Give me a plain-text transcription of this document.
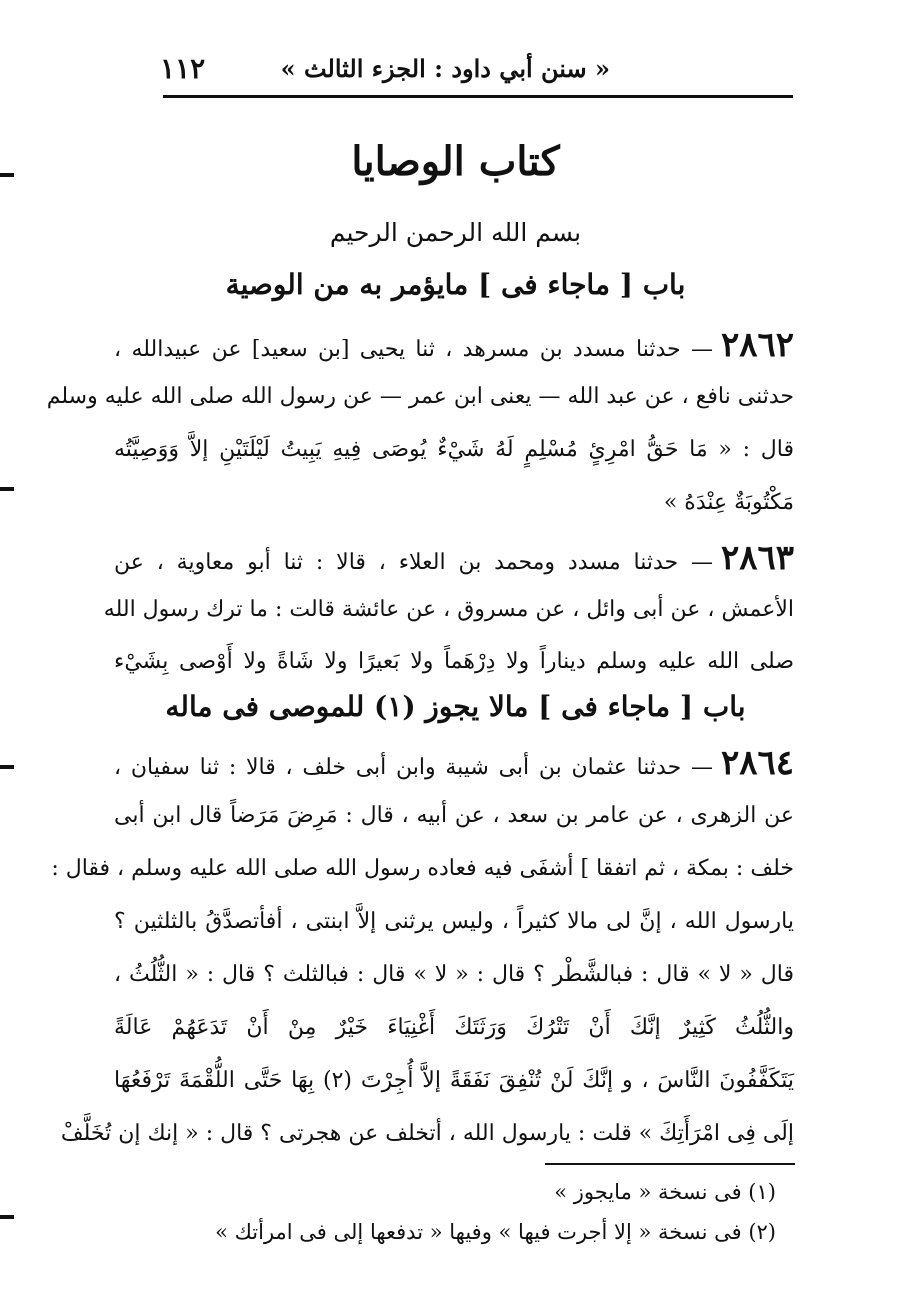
١١٢	« سنن أبي داود : الجزء الثالث »
كتاب الوصايا
بسم الله الرحمن الرحيم
باب [ ماجاء فى ] مايؤمر به من الوصية
٢٨٦٢— حدثنا مسدد بن مسرهد ، ثنا يحيى [بن سعيد] عن عبيدالله ،
حدثنى نافع ، عن عبد الله — يعنى ابن عمر — عن رسول الله صلى الله عليه وسلم
قال : « مَا حَقُّ امْرِئٍ مُسْلِمٍ لَهُ شَيْءٌ يُوصَى فِيهِ يَبِيتُ لَيْلَتَيْنِ إلاَّ وَوَصِيَّتُه
مَكْتُوبَةٌ عِنْدَهُ »
٢٨٦٣— حدثنا مسدد ومحمد بن العلاء ، قالا : ثنا أبو معاوية ، عن
الأعمش ، عن أبى وائل ، عن مسروق ، عن عائشة قالت : ما ترك رسول الله
صلى الله عليه وسلم ديناراً ولا دِرْهَماً ولا بَعيرًا ولا شَاةً ولا أَوْصى بِشَيْء
باب [ ماجاء فى ] مالا يجوز (١) للموصى فى ماله
٢٨٦٤— حدثنا عثمان بن أبى شيبة وابن أبى خلف ، قالا : ثنا سفيان ،
عن الزهرى ، عن عامر بن سعد ، عن أبيه ، قال : مَرِضَ مَرَضاً قال ابن أبى
خلف : بمكة ، ثم اتفقا ] أشفَى فيه فعاده رسول الله صلى الله عليه وسلم ، فقال :
يارسول الله ، إنَّ لى مالا كثيراً ، وليس يرثنى إلاَّ ابنتى ، أفأتصدَّقُ بالثلثين ؟
قال « لا » قال : فبالشَّطْر ؟ قال : « لا » قال : فبالثلث ؟ قال : « الثُّلُثُ ،
والثُّلُثُ كَثِيرٌ إنَّكَ أَنْ تَتْرُكَ وَرَثَتَكَ أَغْنِيَاءَ خَيْرٌ مِنْ أَنْ تَدَعَهُمْ عَالَةً
يَتَكَفَّفُونَ النَّاسَ ، و إنَّكَ لَنْ تُنْفِقَ نَفَقَةً إلاَّ أُجِرْتَ (٢) بِهَا حَتَّى اللُّقْمَةَ تَرْفَعُهَا
إلَى فِى امْرَأَتِكَ » قلت : يارسول الله ، أتخلف عن هجرتى ؟ قال : « إنك إن تُخَلَّفْ
(١) فى نسخة « مايجوز »
(٢) فى نسخة « إلا أجرت فيها » وفيها « تدفعها إلى فى امرأتك »
